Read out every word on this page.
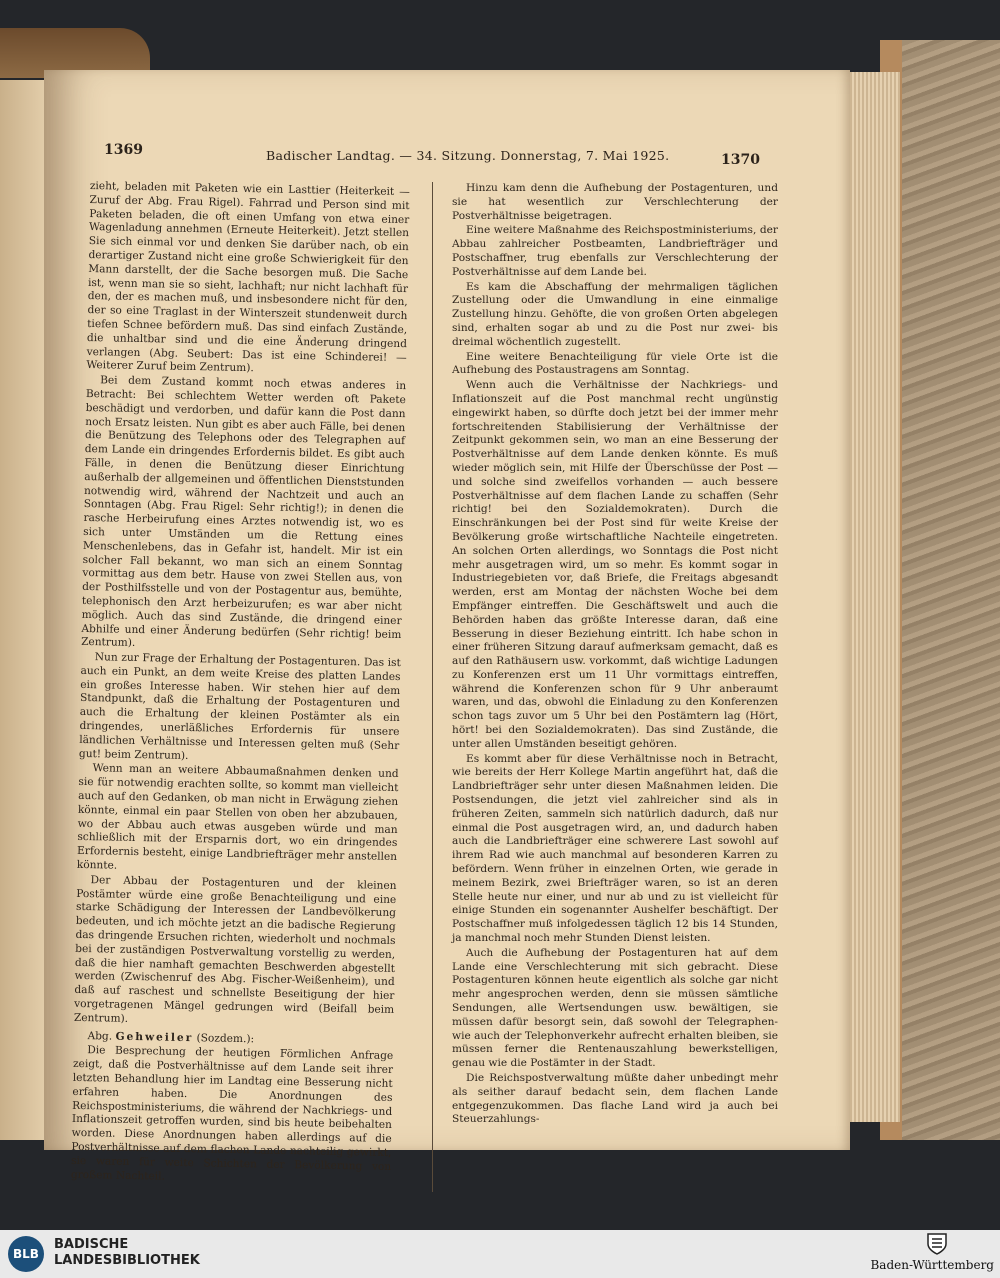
1369	Badischer Landtag. — 34. Sitzung. Donnerstag, 7. Mai 1925.	1370

zieht, beladen mit Paketen wie ein Lasttier (Heiterkeit — Zuruf der Abg. Frau Rigel). Fahrrad und Person sind mit Paketen beladen, die oft einen Umfang von etwa einer Wagenladung annehmen (Erneute Heiterkeit). Jetzt stellen Sie sich einmal vor und denken Sie darüber nach, ob ein derartiger Zustand nicht eine große Schwierigkeit für den Mann darstellt, der die Sache besorgen muß. Die Sache ist, wenn man sie so sieht, lachhaft; nur nicht lachhaft für den, der es machen muß, und insbesondere nicht für den, der so eine Traglast in der Winterszeit stundenweit durch tiefen Schnee befördern muß. Das sind einfach Zustände, die unhaltbar sind und die eine Änderung dringend verlangen (Abg. Seubert: Das ist eine Schinderei! — Weiterer Zuruf beim Zentrum).

Bei dem Zustand kommt noch etwas anderes in Betracht: Bei schlechtem Wetter werden oft Pakete beschädigt und verdorben, und dafür kann die Post dann noch Ersatz leisten. Nun gibt es aber auch Fälle, bei denen die Benützung des Telephons oder des Telegraphen auf dem Lande ein dringendes Erfordernis bildet. Es gibt auch Fälle, in denen die Benützung dieser Einrichtung außerhalb der allgemeinen und öffentlichen Dienststunden notwendig wird, während der Nachtzeit und auch an Sonntagen (Abg. Frau Rigel: Sehr richtig!); in denen die rasche Herbeirufung eines Arztes notwendig ist, wo es sich unter Umständen um die Rettung eines Menschenlebens, das in Gefahr ist, handelt. Mir ist ein solcher Fall bekannt, wo man sich an einem Sonntag vormittag aus dem betr. Hause von zwei Stellen aus, von der Posthilfsstelle und von der Postagentur aus, bemühte, telephonisch den Arzt herbeizurufen; es war aber nicht möglich. Auch das sind Zustände, die dringend einer Abhilfe und einer Änderung bedürfen (Sehr richtig! beim Zentrum).

Nun zur Frage der Erhaltung der Postagenturen. Das ist auch ein Punkt, an dem weite Kreise des platten Landes ein großes Interesse haben. Wir stehen hier auf dem Standpunkt, daß die Erhaltung der Postagenturen und auch die Erhaltung der kleinen Postämter als ein dringendes, unerläßliches Erfordernis für unsere ländlichen Verhältnisse und Interessen gelten muß (Sehr gut! beim Zentrum).

Wenn man an weitere Abbaumaßnahmen denken und sie für notwendig erachten sollte, so kommt man vielleicht auch auf den Gedanken, ob man nicht in Erwägung ziehen könnte, einmal ein paar Stellen von oben her abzubauen, wo der Abbau auch etwas ausgeben würde und man schließlich mit der Ersparnis dort, wo ein dringendes Erfordernis besteht, einige Landbriefträger mehr anstellen könnte.

Der Abbau der Postagenturen und der kleinen Postämter würde eine große Benachteiligung und eine starke Schädigung der Interessen der Landbevölkerung bedeuten, und ich möchte jetzt an die badische Regierung das dringende Ersuchen richten, wiederholt und nochmals bei der zuständigen Postverwaltung vorstellig zu werden, daß die hier namhaft gemachten Beschwerden abgestellt werden (Zwischenruf des Abg. Fischer-Weißenheim), und daß auf raschest und schnellste Beseitigung der hier vorgetragenen Mängel gedrungen wird (Beifall beim Zentrum).

Abg. Gehweiler (Sozdem.):

Die Besprechung der heutigen Förmlichen Anfrage zeigt, daß die Postverhältnisse auf dem Lande seit ihrer letzten Behandlung hier im Landtag eine Besserung nicht erfahren haben. Die Anordnungen des Reichspostministeriums, die während der Nachkriegs- und Inflationszeit getroffen wurden, sind bis heute beibehalten worden. Diese Anordnungen haben allerdings auf die Postverhältnisse auf dem flachen Lande nachteilig gewirkt, sie waren für weite Schichten der Bevölkerung von großem Nachteil.

Hinzu kam denn die Aufhebung der Postagenturen, und sie hat wesentlich zur Verschlechterung der Postverhältnisse beigetragen.

Eine weitere Maßnahme des Reichspostministeriums, der Abbau zahlreicher Postbeamten, Landbriefträger und Postschaffner, trug ebenfalls zur Verschlechterung der Postverhältnisse auf dem Lande bei.

Es kam die Abschaffung der mehrmaligen täglichen Zustellung oder die Umwandlung in eine einmalige Zustellung hinzu. Gehöfte, die von großen Orten abgelegen sind, erhalten sogar ab und zu die Post nur zwei- bis dreimal wöchentlich zugestellt.

Eine weitere Benachteiligung für viele Orte ist die Aufhebung des Postaustragens am Sonntag.

Wenn auch die Verhältnisse der Nachkriegs- und Inflationszeit auf die Post manchmal recht ungünstig eingewirkt haben, so dürfte doch jetzt bei der immer mehr fortschreitenden Stabilisierung der Verhältnisse der Zeitpunkt gekommen sein, wo man an eine Besserung der Postverhältnisse auf dem Lande denken könnte. Es muß wieder möglich sein, mit Hilfe der Überschüsse der Post — und solche sind zweifellos vorhanden — auch bessere Postverhältnisse auf dem flachen Lande zu schaffen (Sehr richtig! bei den Sozialdemokraten). Durch die Einschränkungen bei der Post sind für weite Kreise der Bevölkerung große wirtschaftliche Nachteile eingetreten. An solchen Orten allerdings, wo Sonntags die Post nicht mehr ausgetragen wird, um so mehr. Es kommt sogar in Industriegebieten vor, daß Briefe, die Freitags abgesandt werden, erst am Montag der nächsten Woche bei dem Empfänger eintreffen. Die Geschäftswelt und auch die Behörden haben das größte Interesse daran, daß eine Besserung in dieser Beziehung eintritt. Ich habe schon in einer früheren Sitzung darauf aufmerksam gemacht, daß es auf den Rathäusern usw. vorkommt, daß wichtige Ladungen zu Konferenzen erst um 11 Uhr vormittags eintreffen, während die Konferenzen schon für 9 Uhr anberaumt waren, und das, obwohl die Einladung zu den Konferenzen schon tags zuvor um 5 Uhr bei den Postämtern lag (Hört, hört! bei den Sozialdemokraten). Das sind Zustände, die unter allen Umständen beseitigt gehören.

Es kommt aber für diese Verhältnisse noch in Betracht, wie bereits der Herr Kollege Martin angeführt hat, daß die Landbriefträger sehr unter diesen Maßnahmen leiden. Die Postsendungen, die jetzt viel zahlreicher sind als in früheren Zeiten, sammeln sich natürlich dadurch, daß nur einmal die Post ausgetragen wird, an, und dadurch haben auch die Landbriefträger eine schwerere Last sowohl auf ihrem Rad wie auch manchmal auf besonderen Karren zu befördern. Wenn früher in einzelnen Orten, wie gerade in meinem Bezirk, zwei Briefträger waren, so ist an deren Stelle heute nur einer, und nur ab und zu ist vielleicht für einige Stunden ein sogenannter Aushelfer beschäftigt. Der Postschaffner muß infolgedessen täglich 12 bis 14 Stunden, ja manchmal noch mehr Stunden Dienst leisten.

Auch die Aufhebung der Postagenturen hat auf dem Lande eine Verschlechterung mit sich gebracht. Diese Postagenturen können heute eigentlich als solche gar nicht mehr angesprochen werden, denn sie müssen sämtliche Sendungen, alle Wertsendungen usw. bewältigen, sie müssen dafür besorgt sein, daß sowohl der Telegraphen- wie auch der Telephonverkehr aufrecht erhalten bleiben, sie müssen ferner die Rentenauszahlung bewerkstelligen, genau wie die Postämter in der Stadt.

Die Reichspostverwaltung müßte daher unbedingt mehr als seither darauf bedacht sein, dem flachen Lande entgegenzukommen. Das flache Land wird ja auch bei Steuerzahlungs-

BLB
BADISCHE
LANDESBIBLIOTHEK	Baden-Württemberg
